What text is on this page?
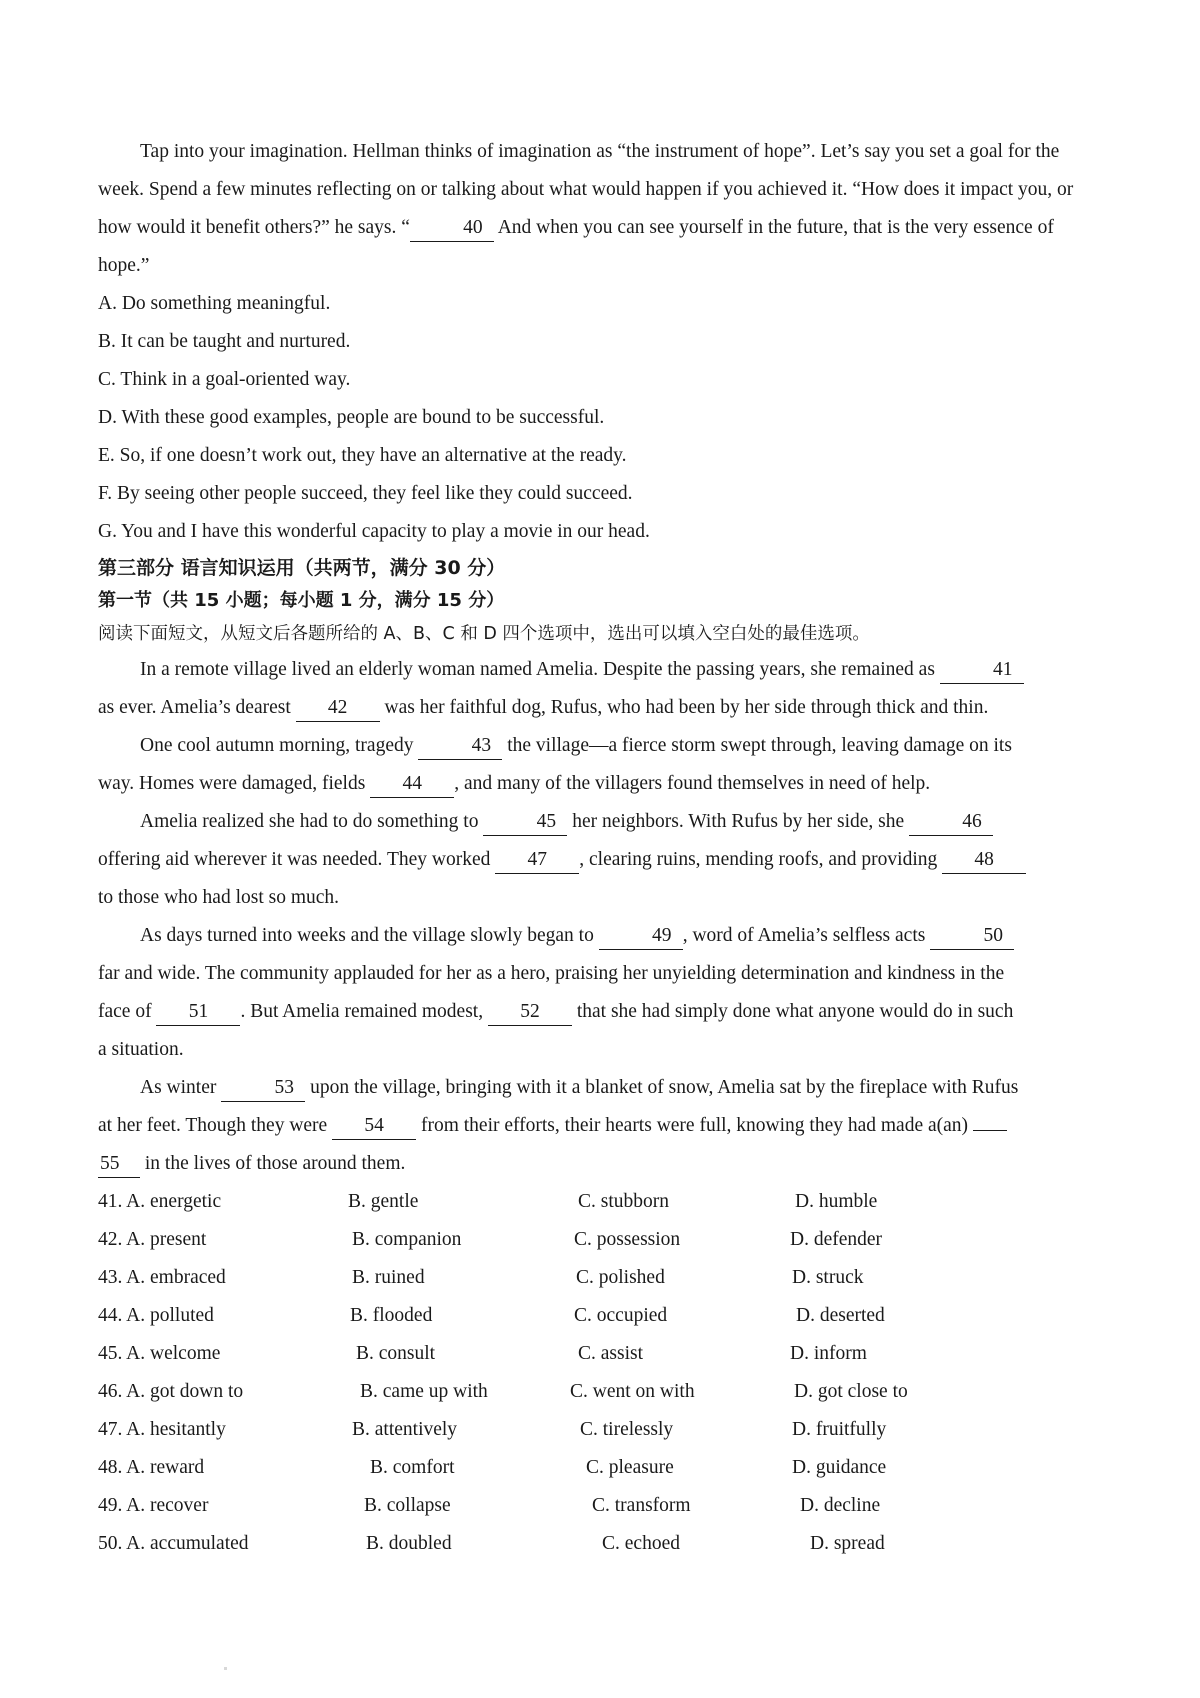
Tap into your imagination. Hellman thinks of imagination as “the instrument of hope”. Let’s say you set a goal for the week. Spend a few minutes reflecting on or talking about what would happen if you achieved it. “How does it impact you, or how would it benefit others?” he says. “	40 And when you can see yourself in the future, that is the very essence of hope.”

A. Do something meaningful.
B. It can be taught and nurtured.
C. Think in a goal-oriented way.
D. With these good examples, people are bound to be successful.
E. So, if one doesn’t work out, they have an alternative at the ready.
F. By seeing other people succeed, they feel like they could succeed.
G. You and I have this wonderful capacity to play a movie in our head.
第三部分 语言知识运用（共两节，满分 30 分）
第一节（共 15 小题；每小题 1 分，满分 15 分）
阅读下面短文，从短文后各题所给的 A、B、C 和 D 四个选项中，选出可以填入空白处的最佳选项。
In a remote village lived an elderly woman named Amelia. Despite the passing years, she remained as	41
as ever. Amelia’s dearest 42 was her faithful dog, Rufus, who had been by her side through thick and thin.
One cool autumn morning, tragedy	43 the village—a fierce storm swept through, leaving damage on its
way. Homes were damaged, fields 44 , and many of the villagers found themselves in need of help.
Amelia realized she had to do something to	45 her neighbors. With Rufus by her side, she	46
offering aid wherever it was needed. They worked 47 , clearing ruins, mending roofs, and providing 48
to those who had lost so much.
As days turned into weeks and the village slowly began to	49 , word of Amelia’s selfless acts	50
far and wide. The community applauded for her as a hero, praising her unyielding determination and kindness in the
face of 51 . But Amelia remained modest, 52 that she had simply done what anyone would do in such
a situation.
As winter	53 upon the village, bringing with it a blanket of snow, Amelia sat by the fireplace with Rufus
at her feet. Though they were 54 from their efforts, their hearts were full, knowing they had made a(an)
55 in the lives of those around them.
41. A. energetic	B. gentle	C. stubborn	D. humble
42. A. present	B. companion	C. possession	D. defender
43. A. embraced	B. ruined	C. polished	D. struck
44. A. polluted	B. flooded	C. occupied	D. deserted
45. A. welcome	B. consult	C. assist	D. inform
46. A. got down to	B. came up with	C. went on with	D. got close to
47. A. hesitantly	B. attentively	C. tirelessly	D. fruitfully
48. A. reward	B. comfort	C. pleasure	D. guidance
49. A. recover	B. collapse	C. transform	D. decline
50. A. accumulated	B. doubled	C. echoed	D. spread
